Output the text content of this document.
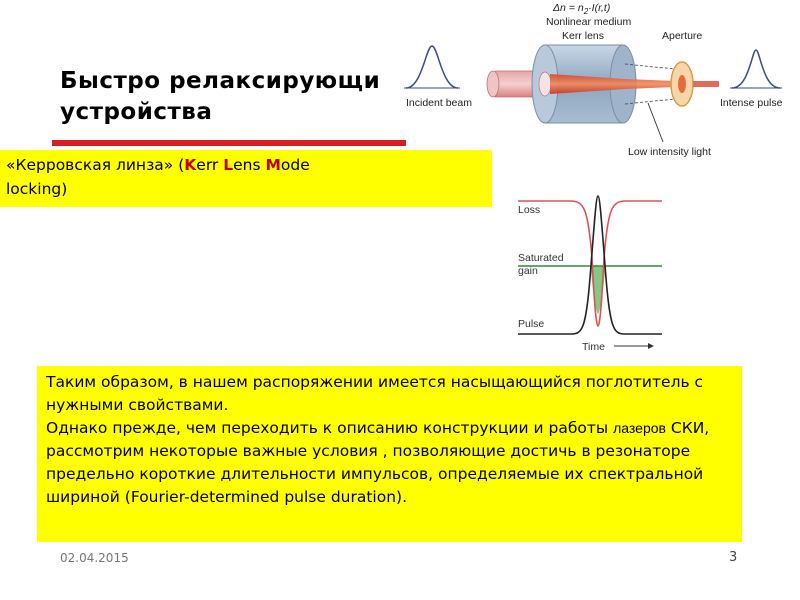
Быстро релаксирующи
устройства	Incident beam	Intense pulse
$\Delta n = n_2\cdot I(r,t)$
Nonlinear medium
Kerr lens	Aperture
Low intensity light
Loss
Saturated
gain
Pulse
Time
«Керровская линза» (Kerr Lens Mode
locking)

Таким образом, в нашем распоряжении имеется насыщающийся поглотитель с нужными свойствами.

Однако прежде, чем переходить к описанию конструкции и работы лазеров СКИ, рассмотрим некоторые важные условия , позволяющие достичь в резонаторе предельно короткие длительности импульсов, определяемые их спектральной шириной (Fourier-determined pulse duration).

02.04.2015	3
